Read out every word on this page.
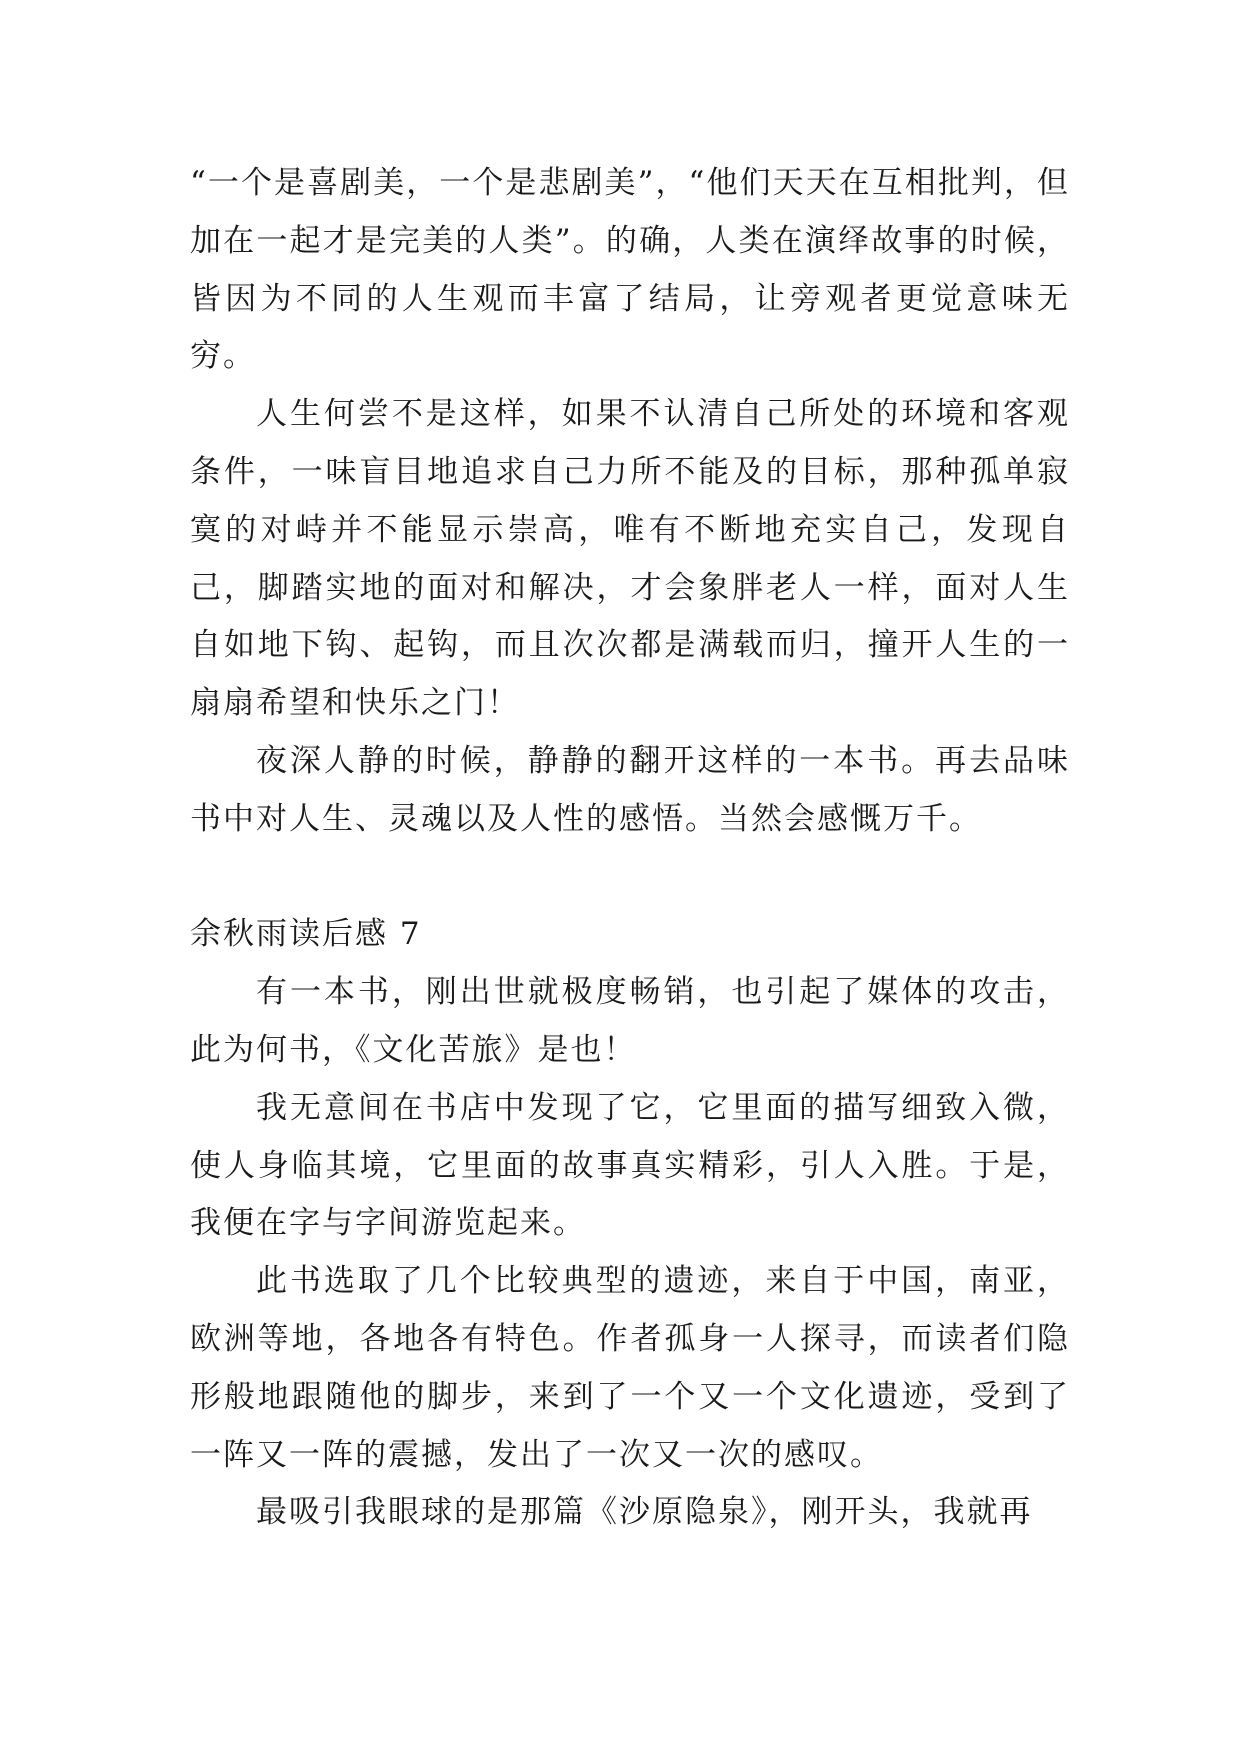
“一个是喜剧美，一个是悲剧美”，“他们天天在互相批判，但加在一起才是完美的人类”。的确，人类在演绎故事的时候，皆因为不同的人生观而丰富了结局，让旁观者更觉意味无穷。

人生何尝不是这样，如果不认清自己所处的环境和客观条件，一味盲目地追求自己力所不能及的目标，那种孤单寂寞的对峙并不能显示崇高，唯有不断地充实自己，发现自己，脚踏实地的面对和解决，才会象胖老人一样，面对人生自如地下钩、起钩，而且次次都是满载而归，撞开人生的一扇扇希望和快乐之门！

夜深人静的时候，静静的翻开这样的一本书。再去品味书中对人生、灵魂以及人性的感悟。当然会感慨万千。

余秋雨读后感 7

有一本书，刚出世就极度畅销，也引起了媒体的攻击，此为何书，《文化苦旅》是也！

我无意间在书店中发现了它，它里面的描写细致入微，使人身临其境，它里面的故事真实精彩，引人入胜。于是，我便在字与字间游览起来。

此书选取了几个比较典型的遗迹，来自于中国，南亚，欧洲等地，各地各有特色。作者孤身一人探寻，而读者们隐形般地跟随他的脚步，来到了一个又一个文化遗迹，受到了一阵又一阵的震撼，发出了一次又一次的感叹。

最吸引我眼球的是那篇《沙原隐泉》，刚开头，我就再
